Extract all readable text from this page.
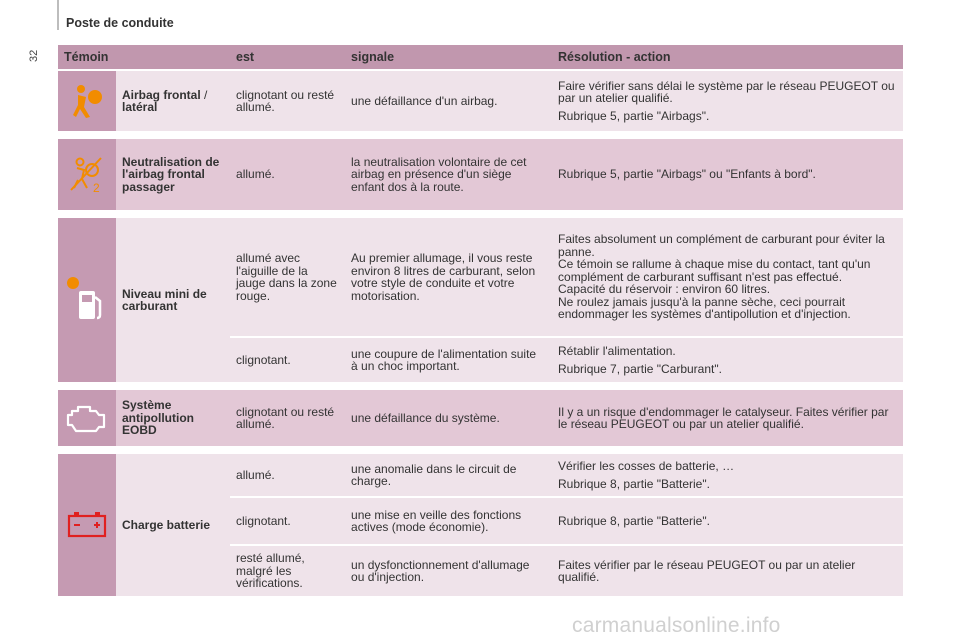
Poste de conduite
32 Témoin		est	signale	Résolution - action

	Airbag frontal / latéral	clignotant ou resté allumé.	une défaillance d'un airbag.	Faire vérifier sans délai le système par le réseau PEUGEOT ou par un atelier qualifié.

Rubrique 5, partie "Airbags".

2	Neutralisation de l'airbag frontal passager	allumé.	la neutralisation volontaire de cet airbag en présence d'un siège enfant dos à la route.	Rubrique 5, partie "Airbags" ou "Enfants à bord".

	Niveau mini de carburant	allumé avec l'aiguille de la jauge dans la zone rouge.	Au premier allumage, il vous reste environ 8 litres de carburant, selon votre style de conduite et votre motorisation.	Faites absolument un complément de carburant pour éviter la panne.
Ce témoin se rallume à chaque mise du contact, tant qu'un complément de carburant suffisant n'est pas effectué.
Capacité du réservoir : environ 60 litres.
Ne roulez jamais jusqu'à la panne sèche, ceci pourrait endommager les systèmes d'antipollution et d'injection.
		clignotant.	une coupure de l'alimentation suite à un choc important.	Rétablir l'alimentation.

Rubrique 7, partie "Carburant".

	Système antipollution EOBD	clignotant ou resté allumé.	une défaillance du système.	Il y a un risque d'endommager le catalyseur. Faites vérifier par le réseau PEUGEOT ou par un atelier qualifié.

	Charge batterie	allumé.	une anomalie dans le circuit de charge.	Vérifier les cosses de batterie, …

Rubrique 8, partie "Batterie".

		clignotant.	une mise en veille des fonctions actives (mode économie).	Rubrique 8, partie "Batterie".
		resté allumé, malgré les vérifications.	un dysfonctionnement d'allumage ou d'injection.	Faites vérifier par le réseau PEUGEOT ou par un atelier qualifié.
carmanualsonline.info
